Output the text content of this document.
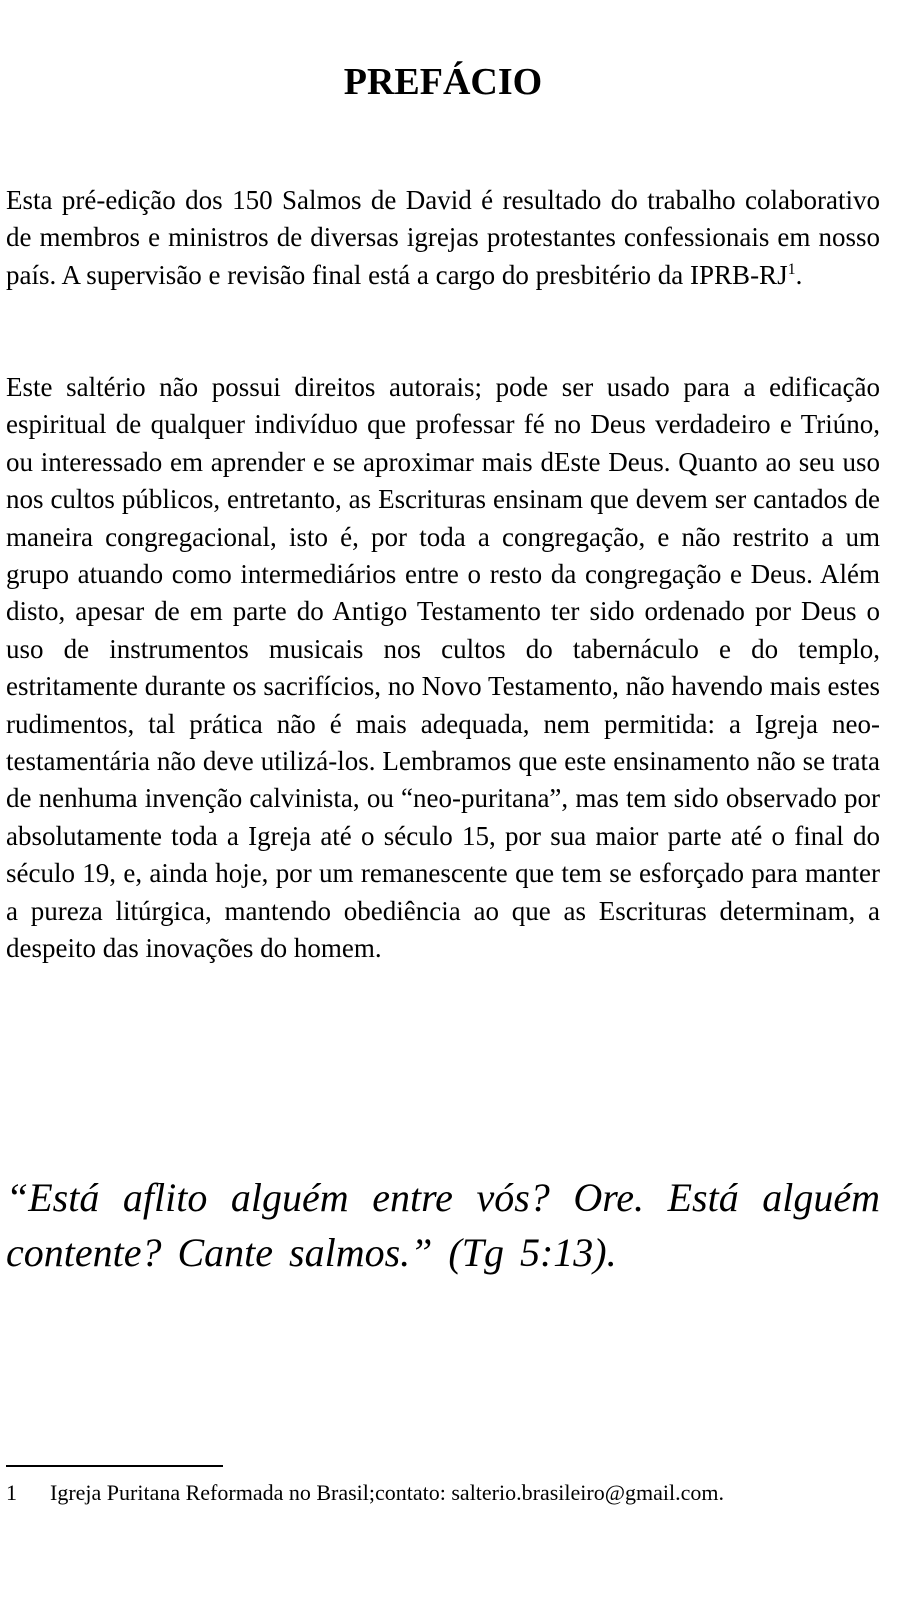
PREFÁCIO

Esta pré-edição dos 150 Salmos de David é resultado do trabalho colaborativo de membros e ministros de diversas igrejas protestantes confessionais em nosso país. A supervisão e revisão final está a cargo do presbitério da IPRB-$RJ^1$.

Este saltério não possui direitos autorais; pode ser usado para a edificação espiritual de qualquer indivíduo que professar fé no Deus verdadeiro e Triúno, ou interessado em aprender e se aproximar mais dEste Deus. Quanto ao seu uso nos cultos públicos, entretanto, as Escrituras ensinam que devem ser cantados de maneira congregacional, isto é, por toda a congregação, e não restrito a um grupo atuando como intermediários entre o resto da congregação e Deus. Além disto, apesar de em parte do Antigo Testamento ter sido ordenado por Deus o uso de instrumentos musicais nos cultos do tabernáculo e do templo, estritamente durante os sacrifícios, no Novo Testamento, não havendo mais estes rudimentos, tal prática não é mais adequada, nem permitida: a Igreja neo-testamentária não deve utilizá-los. Lembramos que este ensinamento não se trata de nenhuma invenção calvinista, ou “neo-puritana”, mas tem sido observado por absolutamente toda a Igreja até o século 15, por sua maior parte até o final do século 19, e, ainda hoje, por um remanescente que tem se esforçado para manter a pureza litúrgica, mantendo obediência ao que as Escrituras determinam, a despeito das inovações do homem.

“Está aflito alguém entre vós? Ore. Está alguém contente? Cante salmos.” (Tg 5:13).

1 Igreja Puritana Reformada no Brasil;contato: salterio.brasileiro@gmail.com.
